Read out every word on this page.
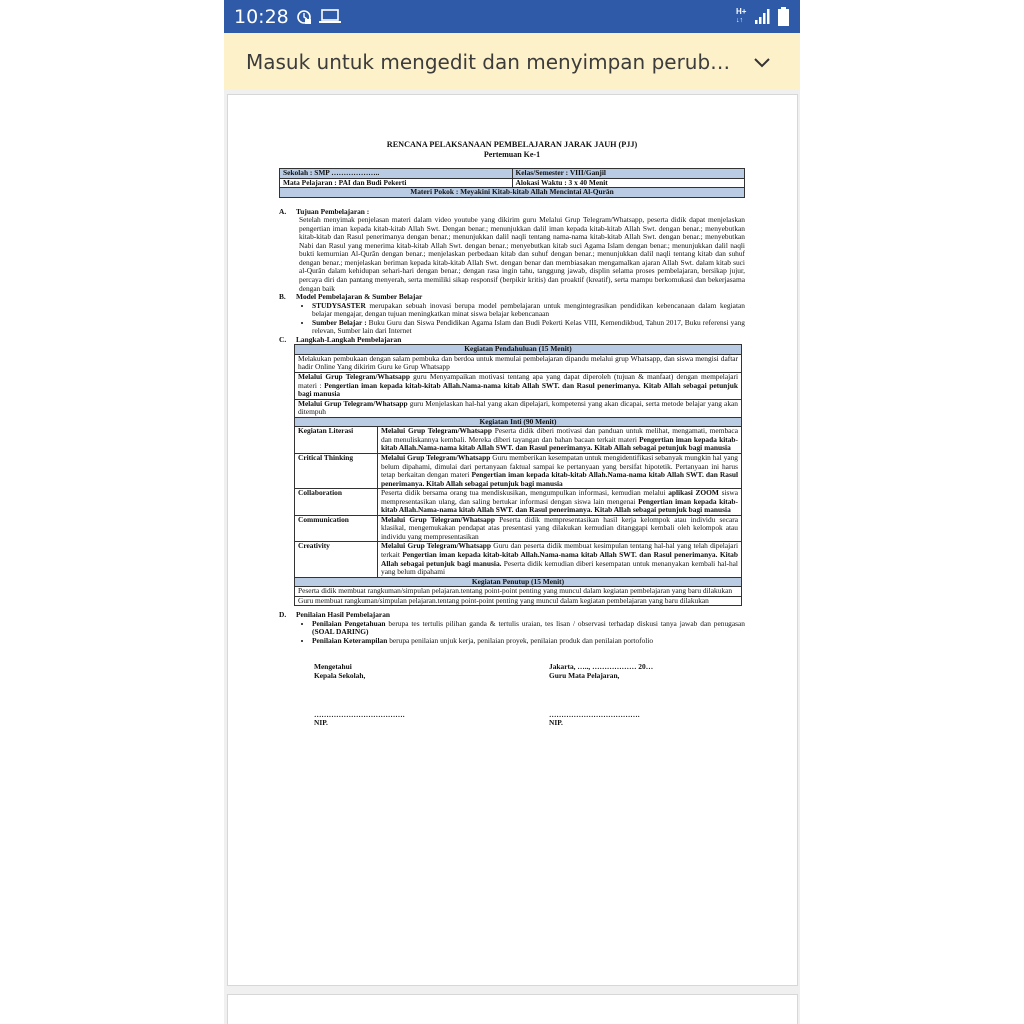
10:28	H+
↓↑
Masuk untuk mengedit dan menyimpan perub…
RENCANA PELAKSANAAN PEMBELAJARAN JARAK JAUH (PJJ)
Pertemuan Ke-1
Sekolah : SMP ………………..	Kelas/Semester : VIII/Ganjil
Mata Pelajaran : PAI dan Budi Pekerti	Alokasi Waktu : 3 x 40 Menit
Materi Pokok : Meyakini Kitab-kitab Allah Mencintai Al-Qurān	
A. Tujuan Pembelajaran :
Setelah menyimak penjelasan materi dalam video youtube yang dikirim guru Melalui Grup Telegram/Whatsapp, peserta didik dapat menjelaskan pengertian iman kepada kitab-kitab Allah Swt. Dengan benar.; menunjukkan dalil iman kepada kitab-kitab Allah Swt. dengan benar.; menyebutkan kitab-kitab dan Rasul penerimanya dengan benar.; menunjukkan dalil naqli tentang nama-nama kitab-kitab Allah Swt. dengan benar.; menyebutkan Nabi dan Rasul yang menerima kitab-kitab Allah Swt. dengan benar.; menyebutkan kitab suci Agama Islam dengan benar.; menunjukkan dalil naqli bukti kemurnian Al-Qurān dengan benar.; menjelaskan perbedaan kitab dan suhuf dengan benar.; menunjukkan dalil naqli tentang kitab dan suhuf dengan benar.; menjelaskan beriman kepada kitab-kitab Allah Swt. dengan benar dan membiasakan mengamalkan ajaran Allah Swt. dalam kitab suci al-Qurān dalam kehidupan sehari-hari dengan benar.; dengan rasa ingin tahu, tanggung jawab, displin selama proses pembelajaran, bersikap jujur, percaya diri dan pantang menyerah, serta memiliki sikap responsif (berpikir kritis) dan proaktif (kreatif), serta mampu berkomukasi dan bekerjasama dengan baik
B. Model Pembelajaran & Sumber Belajar
• STUDYSASTER merupakan sebuah inovasi berupa model pembelajaran untuk mengintegrasikan pendidikan kebencanaan dalam kegiatan belajar mengajar, dengan tujuan meningkatkan minat siswa belajar kebencanaan
• Sumber Belajar : Buku Guru dan Siswa Pendidikan Agama Islam dan Budi Pekerti Kelas VIII, Kemendikbud, Tahun 2017, Buku referensi yang relevan, Sumber lain dari Internet
C. Langkah-Langkah Pembelajaran
Kegiatan Pendahuluan (15 Menit)	
Melakukan pembukaan dengan salam pembuka dan berdoa untuk memulai pembelajaran dipandu melalui grup Whatsapp, dan siswa mengisi daftar hadir Online Yang dikirim Guru ke Grup Whatsapp	
Melalui Grup Telegram/Whatsapp guru Menyampaikan motivasi tentang apa yang dapat diperoleh (tujuan & manfaat) dengan mempelajari materi : Pengertian iman kepada kitab-kitab Allah.Nama-nama kitab Allah SWT. dan Rasul penerimanya. Kitab Allah sebagai petunjuk bagi manusia	
Melalui Grup Telegram/Whatsapp guru Menjelaskan hal-hal yang akan dipelajari, kompetensi yang akan dicapai, serta metode belajar yang akan ditempuh	
Kegiatan Inti (90 Menit)	
Kegiatan Literasi	Melalui Grup Telegram/Whatsapp Peserta didik diberi motivasi dan panduan untuk melihat, mengamati, membaca dan menuliskannya kembali. Mereka diberi tayangan dan bahan bacaan terkait materi Pengertian iman kepada kitab-kitab Allah.Nama-nama kitab Allah SWT. dan Rasul penerimanya. Kitab Allah sebagai petunjuk bagi manusia
Critical Thinking	Melalui Grup Telegram/Whatsapp Guru memberikan kesempatan untuk mengidentifikasi sebanyak mungkin hal yang belum dipahami, dimulai dari pertanyaan faktual sampai ke pertanyaan yang bersifat hipotetik. Pertanyaan ini harus tetap berkaitan dengan materi Pengertian iman kepada kitab-kitab Allah.Nama-nama kitab Allah SWT. dan Rasul penerimanya. Kitab Allah sebagai petunjuk bagi manusia
Collaboration	Peserta didik bersama orang tua mendiskusikan, mengumpulkan informasi, kemudian melalui aplikasi ZOOM siswa mempresentasikan ulang, dan saling bertukar informasi dengan siswa lain mengenai Pengertian iman kepada kitab-kitab Allah.Nama-nama kitab Allah SWT. dan Rasul penerimanya. Kitab Allah sebagai petunjuk bagi manusia
Communication	Melalui Grup Telegram/Whatsapp Peserta didik mempresentasikan hasil kerja kelompok atau individu secara klasikal, mengemukakan pendapat atas presentasi yang dilakukan kemudian ditanggapi kembali oleh kelompok atau individu yang mempresentasikan
Creativity	Melalui Grup Telegram/Whatsapp Guru dan peserta didik membuat kesimpulan tentang hal-hal yang telah dipelajari terkait Pengertian iman kepada kitab-kitab Allah.Nama-nama kitab Allah SWT. dan Rasul penerimanya. Kitab Allah sebagai petunjuk bagi manusia. Peserta didik kemudian diberi kesempatan untuk menanyakan kembali hal-hal yang belum dipahami
Kegiatan Penutup (15 Menit)	
Peserta didik membuat rangkuman/simpulan pelajaran.tentang point-point penting yang muncul dalam kegiatan pembelajaran yang baru dilakukan	
Guru membuat rangkuman/simpulan pelajaran.tentang point-point penting yang muncul dalam kegiatan pembelajaran yang baru dilakukan	
D. Penilaian Hasil Pembelajaran
• Penilaian Pengetahuan berupa tes tertulis pilihan ganda & tertulis uraian, tes lisan / observasi terhadap diskusi tanya jawab dan penugasan (SOAL DARING)
• Penilaian Keterampilan berupa penilaian unjuk kerja, penilaian proyek, penilaian produk dan penilaian portofolio
Mengetahui
Kepala Sekolah,
……………………………….
NIP.
Jakarta, ….., ……………… 20…
Guru Mata Pelajaran,
……………………………….
NIP.
